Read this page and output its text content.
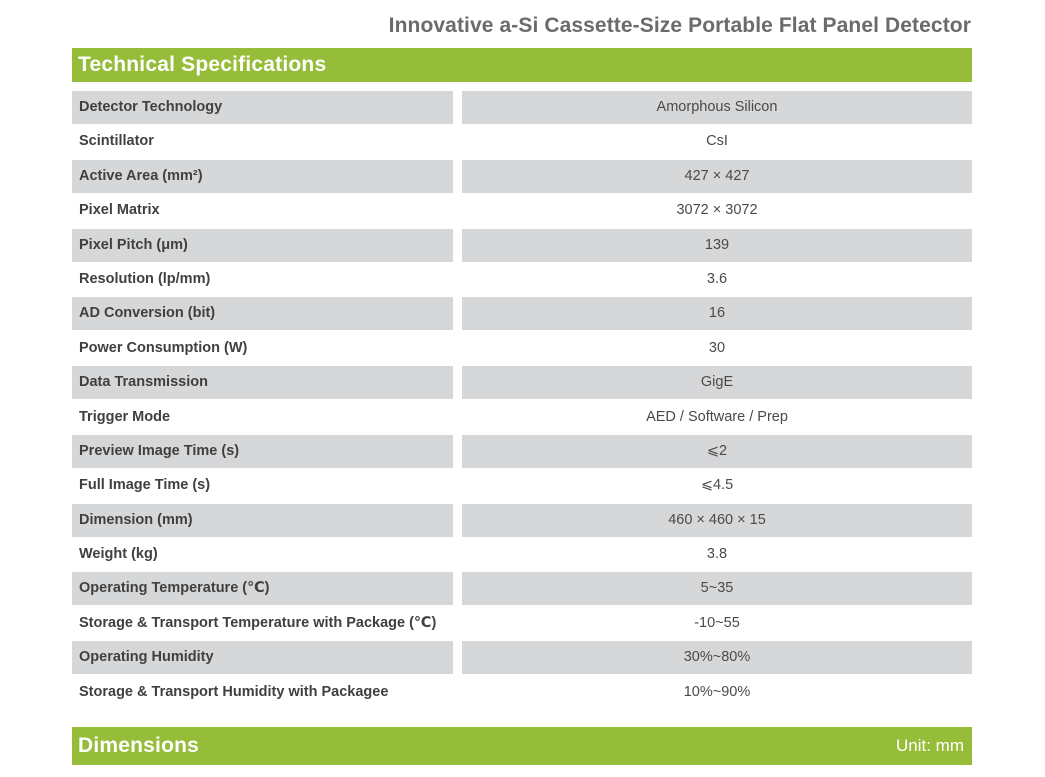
Innovative a-Si Cassette-Size Portable Flat Panel Detector
Technical Specifications
Detector Technology	Amorphous Silicon
Scintillator	CsI
Active Area (mm²)	427 × 427
Pixel Matrix	3072 × 3072
Pixel Pitch (μm)	139
Resolution (lp/mm)	3.6
AD Conversion (bit)	16
Power Consumption (W)	30
Data Transmission	GigE
Trigger Mode	AED / Software / Prep
Preview Image Time (s)	⩽2
Full Image Time (s)	⩽4.5
Dimension (mm)	460 × 460 × 15
Weight (kg)	3.8
Operating Temperature (℃)	5~35
Storage & Transport Temperature with Package (℃)	-10~55
Operating Humidity	30%~80%
Storage & Transport Humidity with Packagee	10%~90%
Dimensions	Unit: mm
